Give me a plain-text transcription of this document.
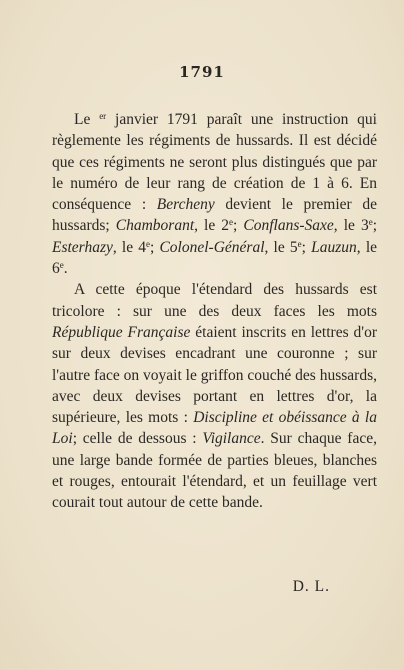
1791

Le $^{er}$ janvier 1791 paraît une instruction qui règlemente les régiments de hussards. Il est décidé que ces régiments ne seront plus distingués que par le numéro de leur rang de création de 1 à 6. En conséquence : Bercheny devient le premier de hussards; Chamborant, le 2e; Conflans-Saxe, le 3e; Esterhazy, le 4e; Colonel-Général, le 5e; Lauzun, le 6e.

A cette époque l'étendard des hussards est tricolore : sur une des deux faces les mots République Française étaient inscrits en lettres d'or sur deux devises encadrant une couronne ; sur l'autre face on voyait le griffon couché des hussards, avec deux devises portant en lettres d'or, la supérieure, les mots : Discipline et obéissance à la Loi; celle de dessous : Vigilance. Sur chaque face, une large bande formée de parties bleues, blanches et rouges, entourait l'étendard, et un feuillage vert courait tout autour de cette bande.

D. L.
